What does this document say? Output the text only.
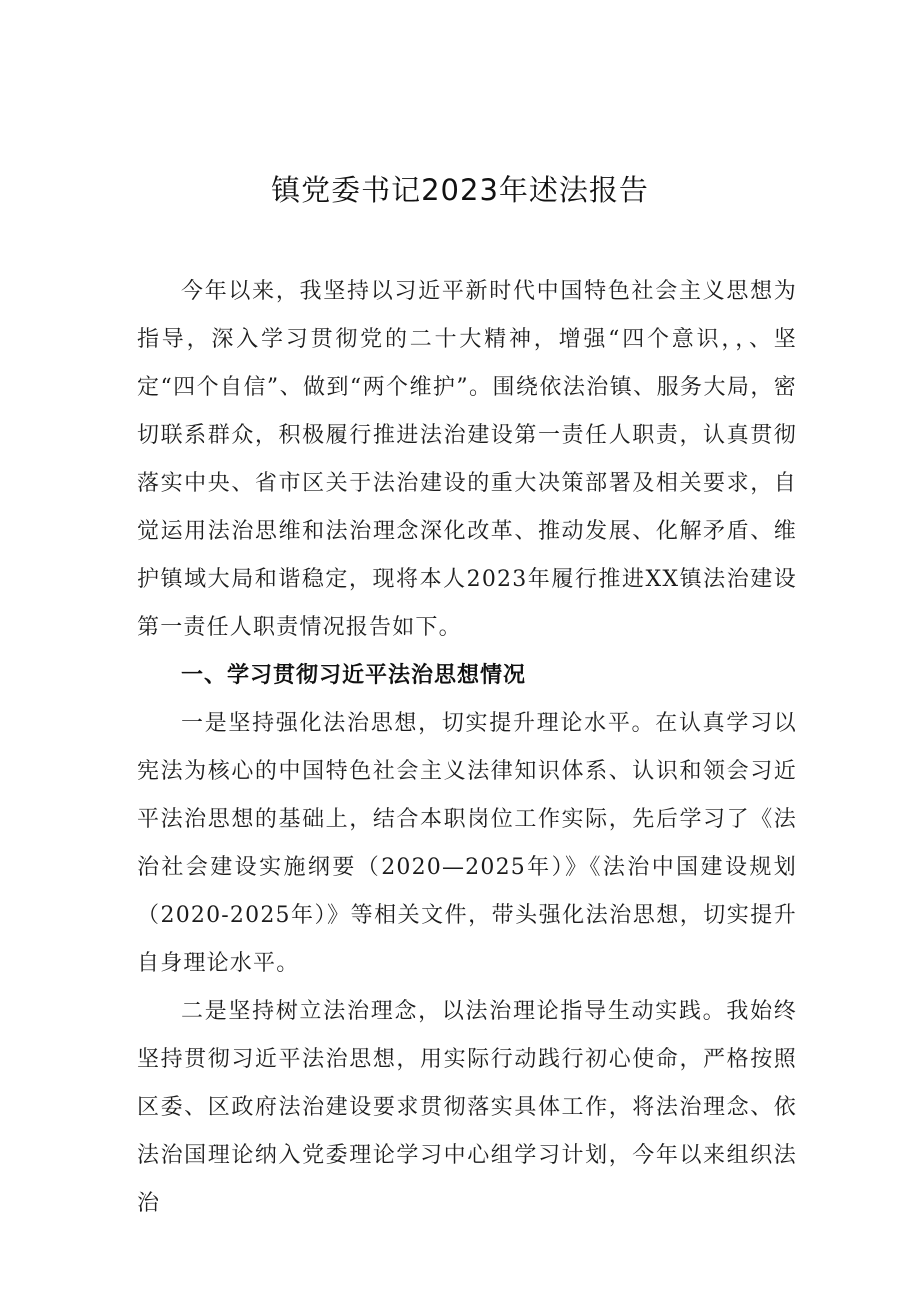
镇党委书记2023年述法报告

今年以来，我坚持以习近平新时代中国特色社会主义思想为指导，深入学习贯彻党的二十大精神，增强“四个意识，，、坚定“四个自信”、做到“两个维护”。围绕依法治镇、服务大局，密切联系群众，积极履行推进法治建设第一责任人职责，认真贯彻落实中央、省市区关于法治建设的重大决策部署及相关要求，自觉运用法治思维和法治理念深化改革、推动发展、化解矛盾、维护镇域大局和谐稳定，现将本人2023年履行推进XX镇法治建设第一责任人职责情况报告如下。

一、学习贯彻习近平法治思想情况

一是坚持强化法治思想，切实提升理论水平。在认真学习以宪法为核心的中国特色社会主义法律知识体系、认识和领会习近平法治思想的基础上，结合本职岗位工作实际，先后学习了《法治社会建设实施纲要（2020—2025年）》《法治中国建设规划（2020-2025年）》等相关文件，带头强化法治思想，切实提升自身理论水平。

二是坚持树立法治理念，以法治理论指导生动实践。我始终坚持贯彻习近平法治思想，用实际行动践行初心使命，严格按照区委、区政府法治建设要求贯彻落实具体工作，将法治理念、依法治国理论纳入党委理论学习中心组学习计划，今年以来组织法治
